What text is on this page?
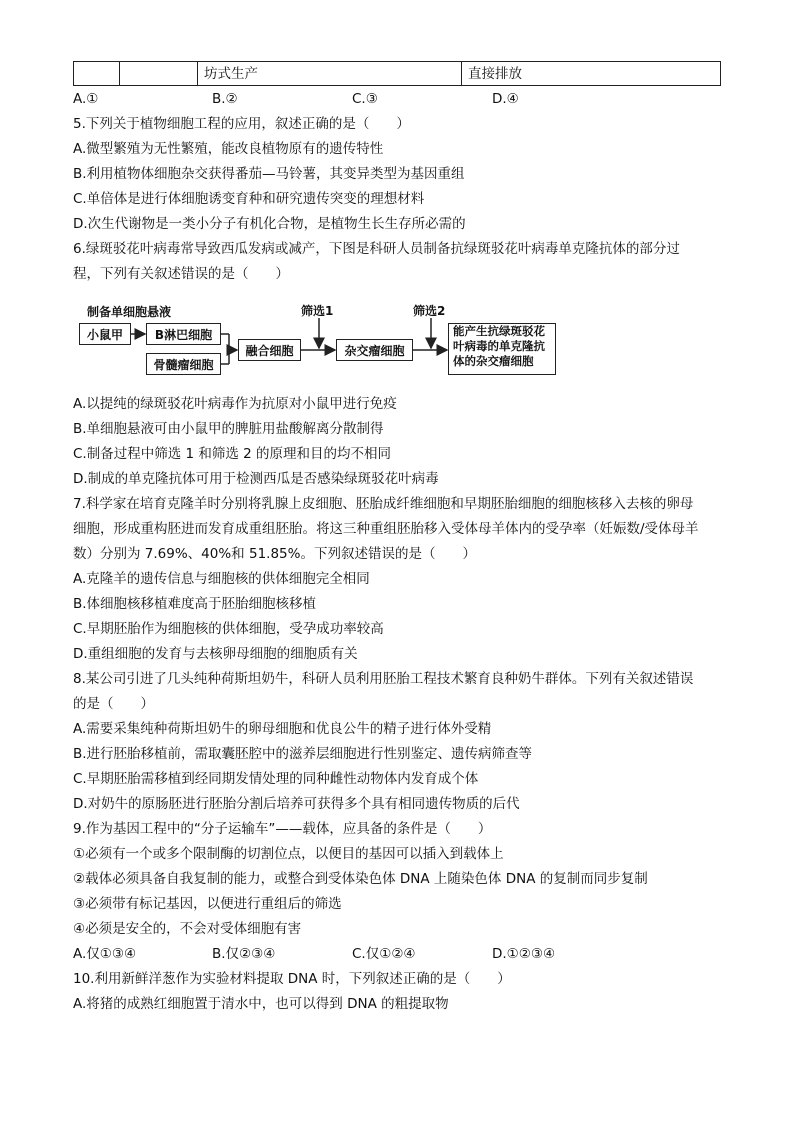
坊式生产	直接排放
A.①	B.②	C.③	D.④
5.下列关于植物细胞工程的应用，叙述正确的是（　　）
A.微型繁殖为无性繁殖，能改良植物原有的遗传特性
B.利用植物体细胞杂交获得番茄—马铃薯，其变异类型为基因重组
C.单倍体是进行体细胞诱变育种和研究遗传突变的理想材料
D.次生代谢物是一类小分子有机化合物，是植物生长生存所必需的
6.绿斑驳花叶病毒常导致西瓜发病或减产，下图是科研人员制备抗绿斑驳花叶病毒单克隆抗体的部分过
程，下列有关叙述错误的是（　　）
制备单细胞悬液
小鼠甲	B淋巴细胞
骨髓瘤细胞
融合细胞
筛选1
杂交瘤细胞
筛选2
能产生抗绿斑驳花
叶病毒的单克隆抗
体的杂交瘤细胞
A.以提纯的绿斑驳花叶病毒作为抗原对小鼠甲进行免疫
B.单细胞悬液可由小鼠甲的脾脏用盐酸解离分散制得
C.制备过程中筛选 1 和筛选 2 的原理和目的均不相同
D.制成的单克隆抗体可用于检测西瓜是否感染绿斑驳花叶病毒
7.科学家在培育克隆羊时分别将乳腺上皮细胞、胚胎成纤维细胞和早期胚胎细胞的细胞核移入去核的卵母
细胞，形成重构胚进而发育成重组胚胎。将这三种重组胚胎移入受体母羊体内的受孕率（妊娠数/受体母羊
数）分别为 7.69%、40%和 51.85%。下列叙述错误的是（　　）
A.克隆羊的遗传信息与细胞核的供体细胞完全相同
B.体细胞核移植难度高于胚胎细胞核移植
C.早期胚胎作为细胞核的供体细胞，受孕成功率较高
D.重组细胞的发育与去核卵母细胞的细胞质有关
8.某公司引进了几头纯种荷斯坦奶牛，科研人员利用胚胎工程技术繁育良种奶牛群体。下列有关叙述错误
的是（　　）
A.需要采集纯种荷斯坦奶牛的卵母细胞和优良公牛的精子进行体外受精
B.进行胚胎移植前，需取囊胚腔中的滋养层细胞进行性别鉴定、遗传病筛查等
C.早期胚胎需移植到经同期发情处理的同种雌性动物体内发育成个体
D.对奶牛的原肠胚进行胚胎分割后培养可获得多个具有相同遗传物质的后代
9.作为基因工程中的“分子运输车”——载体，应具备的条件是（　　）
①必须有一个或多个限制酶的切割位点，以便目的基因可以插入到载体上
②载体必须具备自我复制的能力，或整合到受体染色体 DNA 上随染色体 DNA 的复制而同步复制
③必须带有标记基因，以便进行重组后的筛选
④必须是安全的，不会对受体细胞有害
A.仅①③④	B.仅②③④	C.仅①②④	D.①②③④
10.利用新鲜洋葱作为实验材料提取 DNA 时，下列叙述正确的是（　　）
A.将猪的成熟红细胞置于清水中，也可以得到 DNA 的粗提取物
